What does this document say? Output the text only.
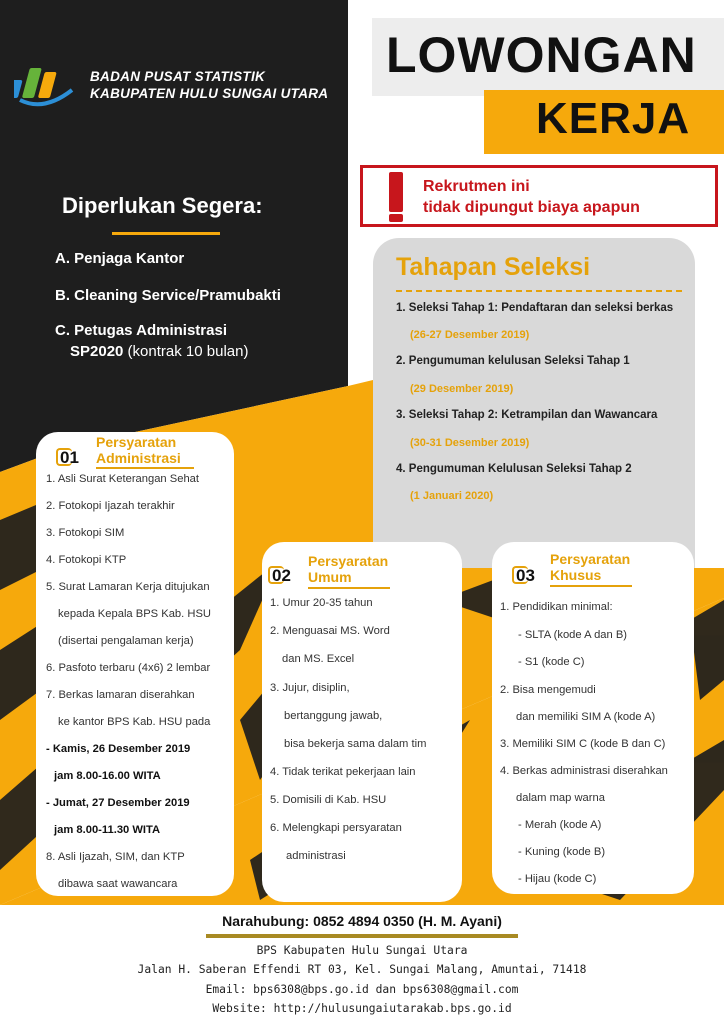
BADAN PUSAT STATISTIK
KABUPATEN HULU SUNGAI UTARA
LOWONGAN
KERJA
Rekrutmen ini
tidak dipungut biaya apapun
Diperlukan Segera:
A. Penjaga Kantor
B. Cleaning Service/Pramubakti
C. Petugas Administrasi
SP2020 (kontrak 10 bulan)
Tahapan Seleksi
1. Seleksi Tahap 1: Pendaftaran dan seleksi berkas
(26-27 Desember 2019)
2. Pengumuman kelulusan Seleksi Tahap 1
(29 Desember 2019)
3. Seleksi Tahap 2: Ketrampilan dan Wawancara
(30-31 Desember 2019)
4. Pengumuman Kelulusan Seleksi Tahap 2
(1 Januari 2020)
01
Persyaratan
Administrasi
1. Asli Surat Keterangan Sehat
2. Fotokopi Ijazah terakhir
3. Fotokopi SIM
4. Fotokopi KTP
5. Surat Lamaran Kerja ditujukan
kepada Kepala BPS Kab. HSU
(disertai pengalaman kerja)
6. Pasfoto terbaru (4x6) 2 lembar
7. Berkas lamaran diserahkan
ke kantor BPS Kab. HSU pada
- Kamis, 26 Desember 2019
jam 8.00-16.00 WITA
- Jumat, 27 Desember 2019
jam 8.00-11.30 WITA
8. Asli Ijazah, SIM, dan KTP
dibawa saat wawancara
02
Persyaratan
Umum
1. Umur 20-35 tahun
2. Menguasai MS. Word
dan MS. Excel
3. Jujur, disiplin,
bertanggung jawab,
bisa bekerja sama dalam tim
4. Tidak terikat pekerjaan lain
5. Domisili di Kab. HSU
6. Melengkapi persyaratan
administrasi
03
Persyaratan
Khusus
1. Pendidikan minimal:
- SLTA (kode A dan B)
- S1 (kode C)
2. Bisa mengemudi
dan memiliki SIM A (kode A)
3. Memiliki SIM C (kode B dan C)
4. Berkas administrasi diserahkan
dalam map warna
- Merah (kode A)
- Kuning (kode B)
- Hijau (kode C)
Narahubung: 0852 4894 0350 (H. M. Ayani)
BPS Kabupaten Hulu Sungai Utara
Jalan H. Saberan Effendi RT 03, Kel. Sungai Malang, Amuntai, 71418
Email: bps6308@bps.go.id dan bps6308@gmail.com
Website: http://hulusungaiutarakab.bps.go.id
